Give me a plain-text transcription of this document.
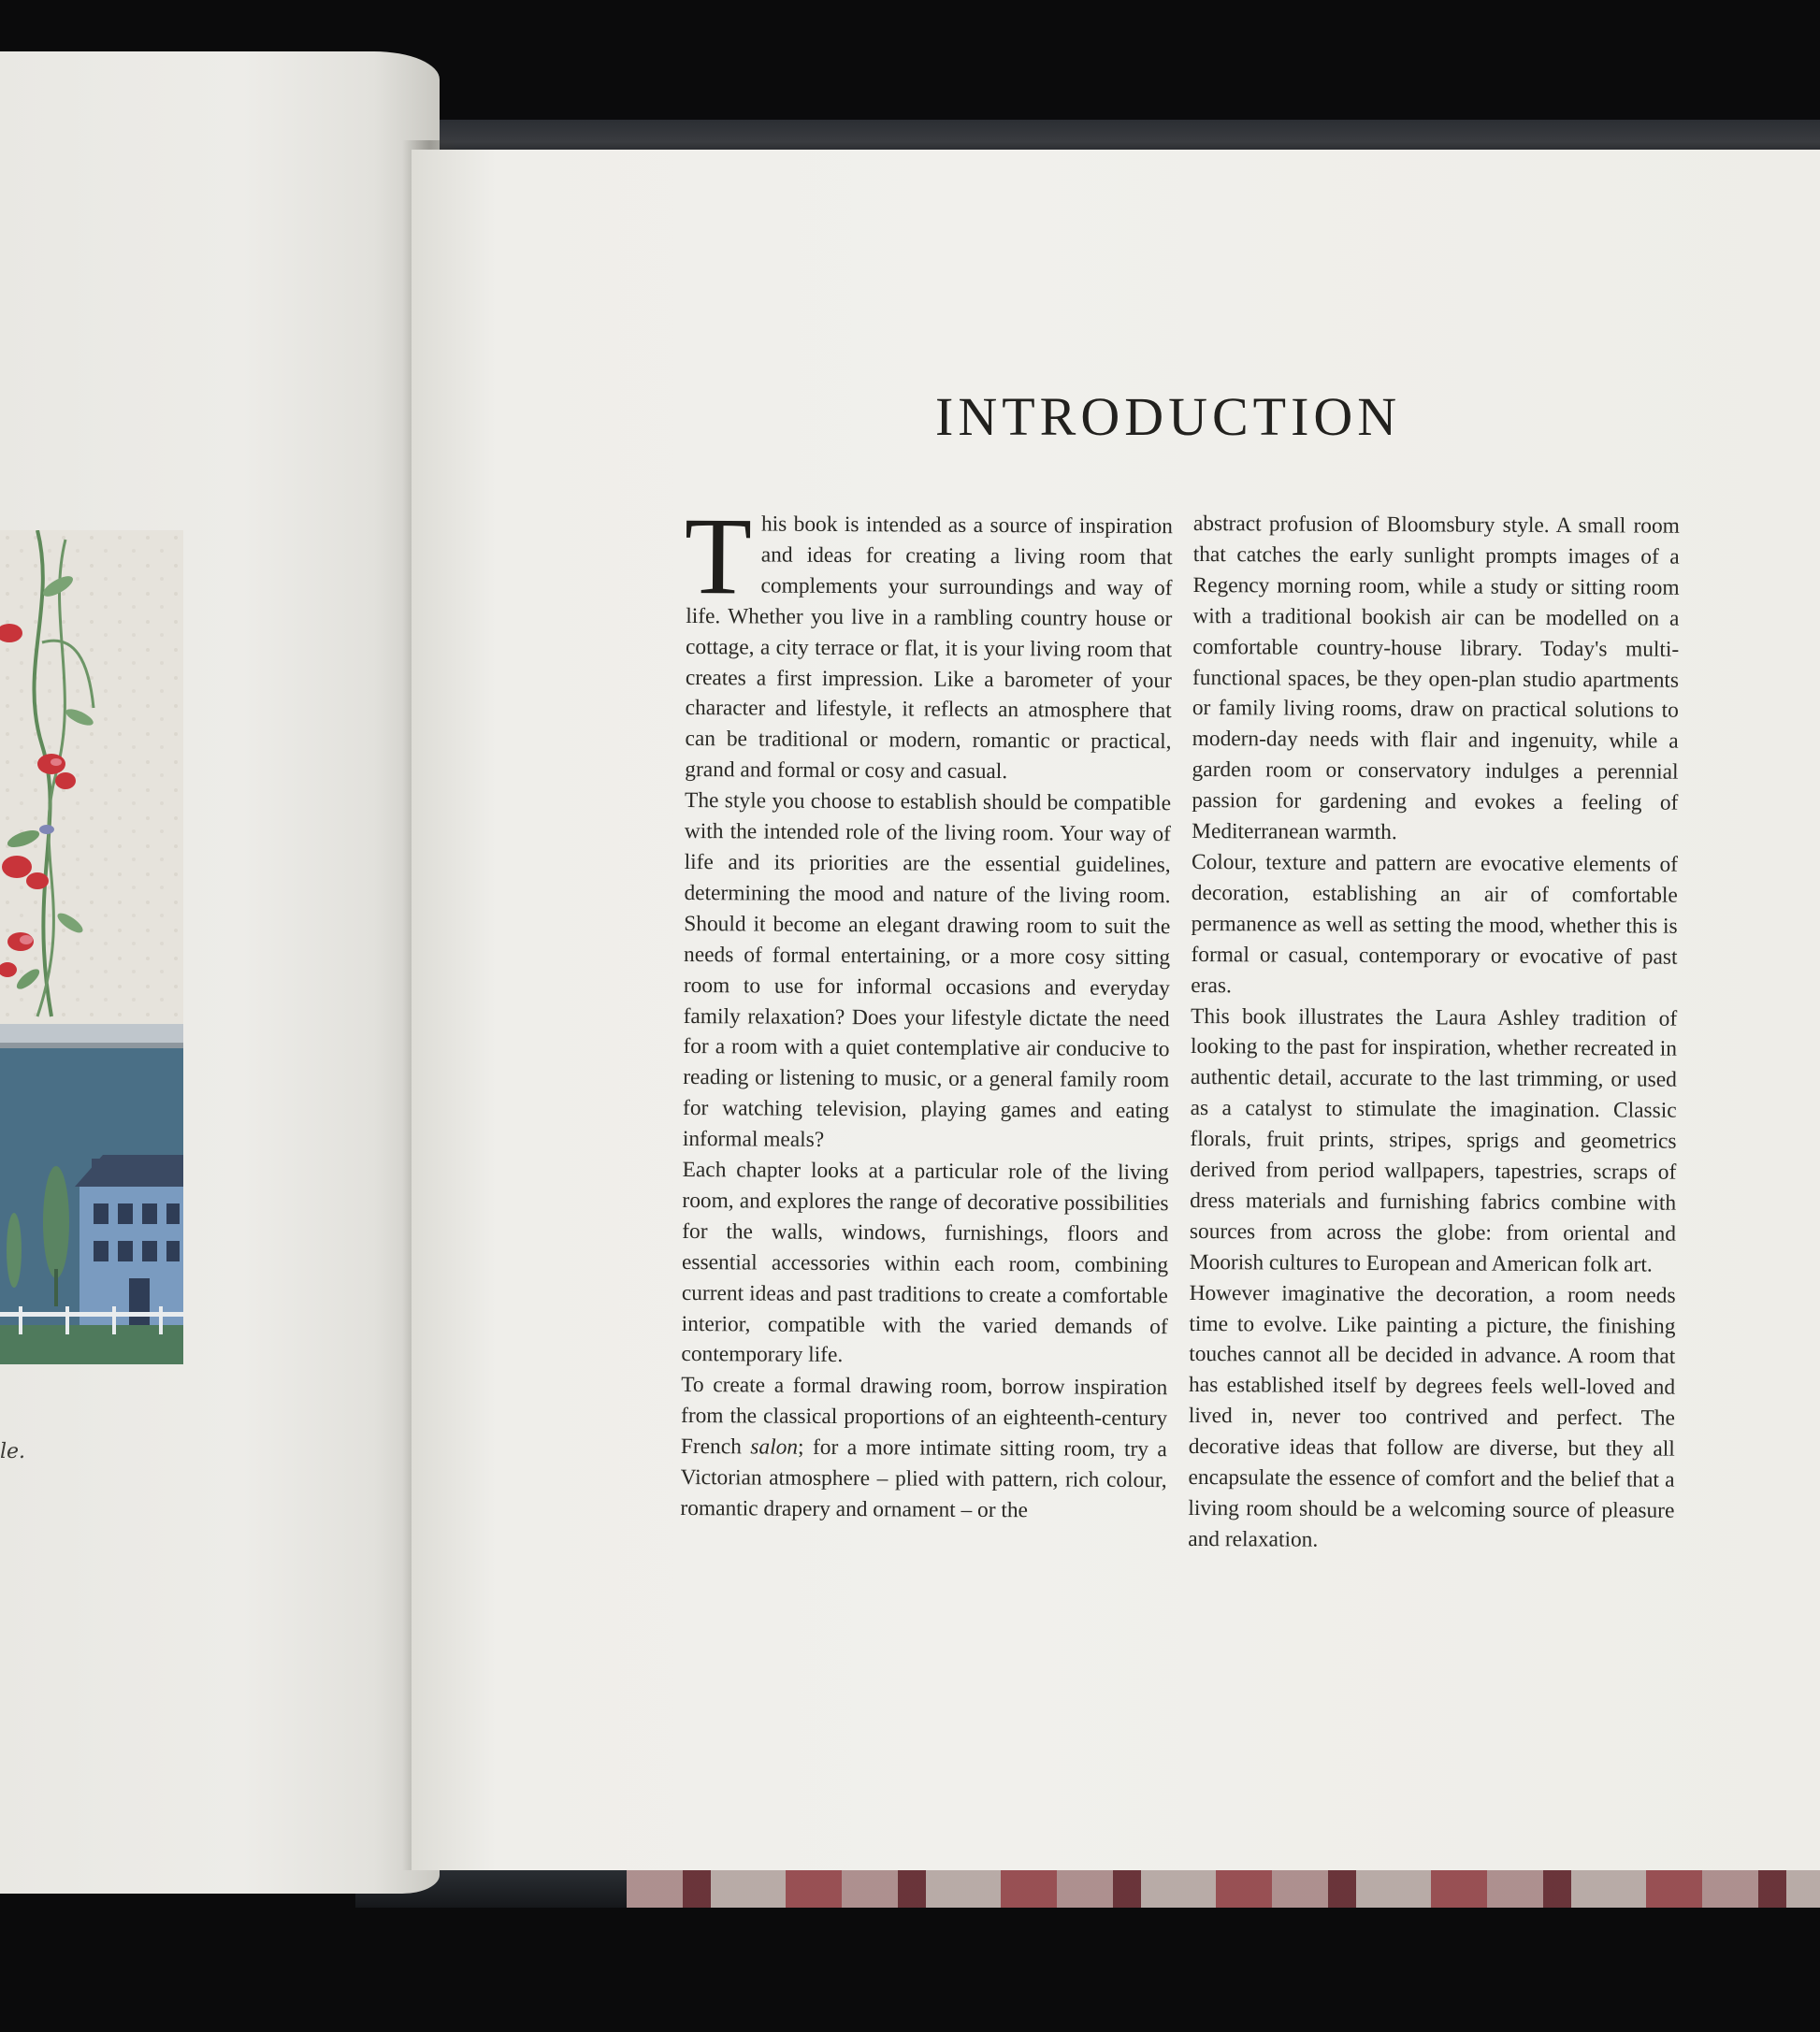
le.
INTRODUCTION

This book is intended as a source of inspiration and ideas for creating a living room that complements your surroundings and way of life. Whether you live in a rambling country house or cottage, a city terrace or flat, it is your living room that creates a first impression. Like a barometer of your character and lifestyle, it reflects an atmosphere that can be traditional or modern, romantic or practical, grand and formal or cosy and casual.

The style you choose to establish should be compatible with the intended role of the living room. Your way of life and its priorities are the essential guidelines, determining the mood and nature of the living room. Should it become an elegant drawing room to suit the needs of formal entertaining, or a more cosy sitting room to use for informal occasions and everyday family relaxation? Does your lifestyle dictate the need for a room with a quiet contemplative air conducive to reading or listening to music, or a general family room for watching television, playing games and eating informal meals?

Each chapter looks at a particular role of the living room, and explores the range of decorative possibilities for the walls, windows, furnishings, floors and essential accessories within each room, combining current ideas and past traditions to create a comfortable interior, compatible with the varied demands of contemporary life.

To create a formal drawing room, borrow inspiration from the classical proportions of an eighteenth-century French salon; for a more intimate sitting room, try a Victorian atmosphere – plied with pattern, rich colour, romantic drapery and ornament – or the

abstract profusion of Bloomsbury style. A small room that catches the early sunlight prompts images of a Regency morning room, while a study or sitting room with a traditional bookish air can be modelled on a comfortable country-house library. Today's multi-functional spaces, be they open-plan studio apartments or family living rooms, draw on practical solutions to modern-day needs with flair and ingenuity, while a garden room or conservatory indulges a perennial passion for gardening and evokes a feeling of Mediterranean warmth.

Colour, texture and pattern are evocative elements of decoration, establishing an air of comfortable permanence as well as setting the mood, whether this is formal or casual, contemporary or evocative of past eras.

This book illustrates the Laura Ashley tradition of looking to the past for inspiration, whether recreated in authentic detail, accurate to the last trimming, or used as a catalyst to stimulate the imagination. Classic florals, fruit prints, stripes, sprigs and geometrics derived from period wallpapers, tapestries, scraps of dress materials and furnishing fabrics combine with sources from across the globe: from oriental and Moorish cultures to European and American folk art.

However imaginative the decoration, a room needs time to evolve. Like painting a picture, the finishing touches cannot all be decided in advance. A room that has established itself by degrees feels well-loved and lived in, never too contrived and perfect. The decorative ideas that follow are diverse, but they all encapsulate the essence of comfort and the belief that a living room should be a welcoming source of pleasure and relaxation.
